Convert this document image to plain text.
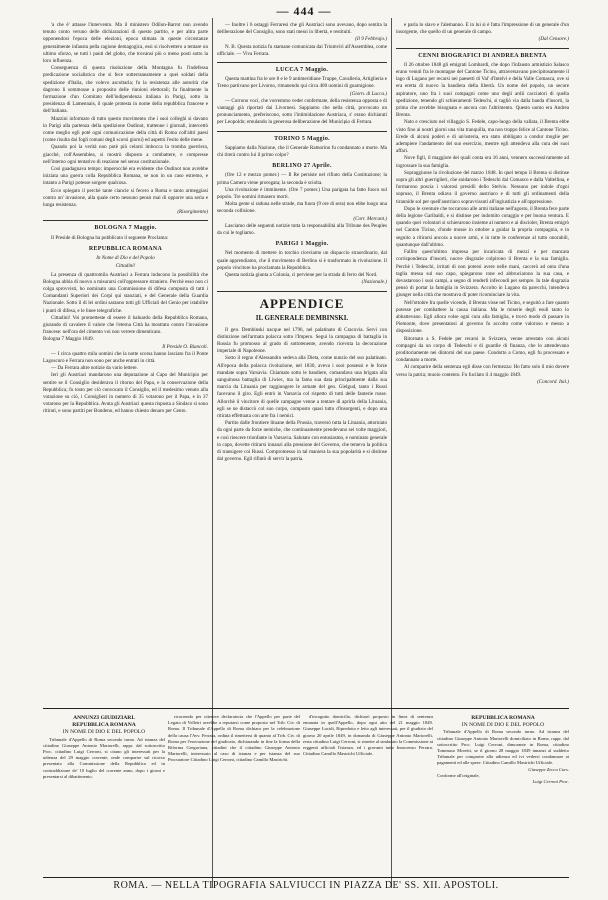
— 444 —

'a che è' attasse l'intervento. Ma il ministero Odilon-Barrot non avendo tenuto conto veruno delle dichiarazioni di questo partito, e per altra parte opponendosi l'epoca delle elezioni, epoca stimata in queste circostanze generalmente infausta pella ragione demagogica, essi si risolvettero a tentare un ultimo sforzo, se tutti i pauti del globo, che trovansi più o meno posti sotto la loro influenza.

Conseguenza di questa risoluzione della Montagna fu l'indefessa predicazione socialistica che si fece sotterraneamente a quei soldati della spedizione d'Italia, che volevo ascoltarla; fu la resistenza alle autorità che dagrono li sommosse a proposito delle riunioni elettorali; fu finalmente la formazione d'un Comitato dell'indipendenza italiana in Parigi, sotto la presidenza di Lamennais, il quale protesta in nome della repubblica francese e dell'italiana.

Mazzini informato di tutto questo movimento che i suoi colleghi si davano in Parigi alla partenza della spedizione Oudinot, trattenne i giornali, intercettò come meglio egli potè ogni comunicazione della città di Roma coll'altri paesi (come risulta dai fogli romani degli scorsi giorni) ed aspettò l'esito delle mene.

Quando poi la verità non potè più celarsi imbocca la tromba guerriera, giacchè, coll'Assemblea, si mostrò disposto a combattere, e compresse nell'interno ogni tentativo di reazione nel senso costituzionale.

Così guadagnava tempo: imperocchè era evidente che Oudinot non avrebbe iniziata una guerra colla Repubblica Romana, se non in un caso estremo, e intanto a Parigi potesse sorgere qualcosa.

Ecco spiegato il perchè tante ciancie si fecero a Roma e tanto armeggiasi contro un' invasione, alla quale certo nessuno pensò mai di opporre una seria e lunga resistenza.

(Risorgimento)
BOLOGNA 7 Maggio.

Il Preside di Bologna ha pubblicato il seguente Proclama:

REPUBBLICA ROMANA
In Nome di Dio e del Popolo
Cittadini!

La presenza di quattromila Austriaci a Ferrara inducono la possibilità che Bologna abbia di nuovo a misurarsi coll'oppressore straniero. Perchè esso non ci colga sprovvisti, ho nominato una Commissione di difesa composta di tutti i Comandanti Superiori dei Corpi qui stanziati, e del Generale della Guardia Nazionale. Sotto il di lei ordini saranno tutti gli Ufficiali del Genio per istabilire i punti di difesa, e le linee telegrafiche.

Cittadini! Voi prometteste di essere il baluardo della Repubblica Romana, giurando di cavalere il valore che l'eterna Città ha mostrato contro l'invasione francese: nell'ora del cimento voi non verrete dimenticato.

Bologna 7 Maggio 1849.
Il Preside O. Biancoli.

— I circa quattro mila uomini che la notte scorsa hanno lasciato fra il Ponte Lagoscuro e Ferrara non sono per anche entrati in città.

— Da Ferrara altre notizie da vario lettere.

Ieri gli Austriaci mandarono una deputazione al Capo del Municipio per sentire se il Consiglio desiderava il ritorno del Papa, e la conservazione della Repubblica; fu tosto per ciò convocato il Consiglio, ed il medesimo venuto alla votazione su ciò, i Consiglieri in numero di 35 votarono per il Papa, e in 37 votarono per la Repubblica. Avuta gli Austriaci questa risposta a Sindaco si sono ritirati, e sono partiti per Bondeno, ed hanno chiesto denaro per Cento.

— Inoltre i 6 ostaggi Ferraresi che gli Austriaci sono avevano, dopo sentita la deliberazione del Consiglio, sono stati messi in libertà, e restituiti.

(Il 9 Febbrajo.)

N. B. Questa notizia fu stamane comunicata dai Triumviri all'Assemblea, come ufficiale. — Viva Ferrara.

LUCCA 7 Maggio.

Questa mattina fra le ore 8 e le 9 antimeridiane Truppe, Cavalleria, Artiglieria e Treno partivano per Livorno, rimanendo qui circa 400 uomini di guarnigione.

(Giorn. di Lucca.)

— Corrono voci, che vorremmo veder confermate, della resistenza opposta e di vantaggi già riportati dai Livornesi. Sappiamo che nella città, provocato un pronunciamento, preferiscono, sotto l'intimidazione Austriaca, s' erano dichiarati per Leopoldo; emulando la generosa deliberazione del Municipio di Ferrara.

TORINO 5 Maggio.

Sappiamo dalla Nazione, che il Generale Ramorino fu condannato a morte. Ma chi tirerà contro lui il primo colpo?

BERLINO 27 Aprile.

(Ore 12 e mezzo pomer.) — Il Re persiste nel rifiuto della Costituzione; la prima Camera viene prorogata; la seconda è sciolta.

Una rivoluzione è imminente. (Ore 7 pomer.) Una parigata ha fatto fuoco sul popolo. Tre uomini rimasero morti.

Molta gente si raduna nelle strade, ma fuora (9 ore di sera) non ebbe luogo una seconda collisione.

(Corr. Mercant.)

Lasciamo delle seguenti notizie tutta la responsabilità alla Tribune des Peuples da cui le togliamo.

PARIGI 1 Maggio.

Nel momento di mettere in torchio riceviamo un dispaccio straordinario, dal quale apprendiamo, che il movimento di Berlino si è trasformato in rivoluzione. Il popolo vincitore ha proclamata la Repubblica.

Questa notizia giunta a Colonia, ci perviene per la strada di ferro del Nord.

(Nazionale.)
APPENDICE
IL GENERALE DEMBINSKI.

Il gen. Dembinski nacque nel 1796, nel palatinato di Cracovia. Servì con distinzione nell'armata polacca sotto l'Impero. Segui la campagna di battaglia in Russia fu promosso al grado di sottotenente, avendo ricevuta la decorazione imperiale di Napoleone.

Sotto il regno d'Alessandro sedeva alla Dieta, come nunzio del suo palatinato. All'epoca della polacca rivoluzione, nel 1830, aveva i suoi possessi e le forze mandate sopra Varsavia. Chiamato sotto le bandiere, comandava una brigata alla sanguinosa battaglia di Liwiec, ma la fama sua data principalmente dalla sua marcia da Lituania per raggiungere le armate del gen. Gielgud, tanto i Russi facevano il giro. Egli entrò in Varsavia col rispetto di tutti delle fanterie russe. Allorchè il vincitore di quelle campagne venne a tentare di aprirla della Lituania, egli se ne distaccò col suo corpo, composto quasi tutto d'insorgenti, e dopo una ritirata effettuata con arte fra i nemici.

Partito dalle frontiere lituane della Prussia, traversò tutta la Lituania, attorniato da ogni parte da forze nemiche, che continuamente prendevano sei volte maggiori, e così riescere trionfante in Varsavia. Salutato con entusiasmo, e nominato generale in capo, dovette ritirarsi innanzi alla pressione del Governo, che temeva la politica di transigere coi Russi. Compromesso in tal maniera la sua popolarità e si distinse dal governo. Egli rifiutò di servir la patria.

e parla lo slavo e l'alemanno. È in lui si è fatta l'impressione di un generale d'un insorgente, che quello di un generale di campo.

(Dal Censore.)
CENNI BIOGRAFICI DI ANDREA BRENTA

Il 26 ottobre 1848 gli emigrati Lombardi, che dopo l'infausto armistizio Salasco erano venuti fra le montagne del Cantone Ticino, attraversavano precipitosamente il lago di Lugano per recarsi nei paesetti di Val' d'Intelvi e della Valle Comasca, ove si era eretta di nuovo la bandiera della libertà. Un nome del popolo, un secure aspiratore, uno fra i suoi compagni come uno degli ardii cacciatori di quella spedizione, tenendo gli schieramenti Tedeschi, si tagliò via dalla banda d'insorti, la prima che avrebbe bisognata e ancora con l'altrimento. Questo uomo era Andrea Brenta.

Nato e cresciuto nel villaggio S. Fedele, capo-luogo della vallata, il Brenta ebbe visto fino ai nostri giorni una vita tranquilla, ma non troppo felice al Cantone Ticino. Erede di alcuni poderi e di un'osteria, era stato obbligato a condur moglie per adempiere l'andamento del suo esercizio, mentre egli attendeva alla cura dei suoi affari.

Nove figli, il maggiore dei quali conta ora 16 anni, vennero successivamente ad ingrossare la sua famiglia.

Sopraggiunse la rivoluzione del marzo 1848. In quel tempo il Brenta si distinse sopra gli altri guerriglieri, che snidarono i Tedeschi dal Comasco e dalla Valtellina, e formarono poscia i valorosi presidii dello Stelvio. Nessuno per indole d'ogni sopruso, il Brenta odiava il governo austriaco e di tutti gli ordinamenti della tirannide sol per quell'austriaco sopravvissuti all'ingiustizia e all'oppressione.

Dopo le sventure che toccarono alle armi italiane nell'agosto, il Brenta fece parte della legione Garibaldi, e si distinse per indomito coraggio e per buona ventura. E quando quei volontari si schierarono insieme al numero e ai discioler, Brenta emigrò nel Canton Ticino, d'onde mosse in ottobre a guidar la propria compagnia, e in seguito a ritirarsi ancora a nuove armi, e in tutte le conferenze al tutto onorabili, quantunque dall'ultimo.

Fallito quest'ultimo impresa per incaricata di mezzi e per mancata corrispondenza d'insorti, nuove disgrazie colpirono il Brenta e la sua famiglia. Perchè i Tedeschi, irritati di non potersi avere nelle mani, caccerò ad onta d'una taglia messa sul suo capo, spiegarono rone ed abbruciarono la sua casa, e devastarono i suoi campi, a segno di renderli infecondi per sempre. In tale disgrazia pensò di portar la famiglia in Svizzera. Accolto in Lugano da parecchi, intendeva giunger nella città che mostrava di poter ricominciare la vita.

Nell'ottobre fra quelle vicende, il Brenta visse nel Ticino, e seguitò a fare quanto potesse per combattere la causa italiana. Ma le miserie degli esuli tanto lo abbattevano. Egli allora volse ogni cura alla famiglia, e trovò modo di passare in Piemonte, dove presentatosi al governo fu accolto come valoroso e messo a disposizione.

Ritornato a S. Fedele per recarsi in Svizzera, venne arrestato con alcuni compagni da un corpo di Tedeschi e di guardie di finanza, che lo attendevano proditoriamente nei dintorni del suo paese. Condotto a Como, egli fu processato e condannato a morte.

Al comparire della sentenza egli disse con fermezza: Ho fatto solo il mio dovere verso la patria; muoio contento. Fu fucilato il 4 maggio 1849.

(Concord. Ital.)
ANNUNZI GIUDIZIARI.
REPUBBLICA ROMANA
IN NOME DI DIO E DEL POPOLO

Tribunale d'Appello di Roma secondo turno. Ad istanza del cittadino Giuseppe Antonio Martorelli, rappr. dal sottoscritto Proc. cittadino Luigi Cerroni, si citano gli interessati per la udienza del 29 maggio corrente, onde comparire sul ricorso presentato alla Commissione della Repubblica ed in contraddizione de' 10 luglio del corrente anno, dopo i giorni e presentarsi al dibattimento.

ricorrendo per ottenere declaratoria che l'Appello per parte del Legato di Velletri avrebbe a reputarsi come proposto nel Trib. Civ. di Roma. Il Tribunale d'Appello di Roma dichiara per la celebrazione della causa l'Avv. Ferrara, ordina il rimettersi di quanto al Trib. Civ. di Roma per l'esecuzione del giudicato, dichiarando in fine la forma della Riforma Gregoriana, cittadini che il cittadino Giuseppe Antonio Martorelli, interessato al caso di istanza e per istanza del suo Procuratore Cittadino Luigi Cerroni, cittadino Camillo Mastrichi.

d'incognito domicilio, dichiarò proposto in linea di sentenza emanata in quell'Appello, dopo ogni atto del 21 maggio 1849. Giuseppe Lucidi, Ripredotto e letto agli interessati, per il giudizio del giorno 20 aprile 1849, in domanda di Giuseppe Antonio Martorelli, resta cittadino Luigi Cerroni, si rimette al sindacato la Commissione ai reggenti ufficiali l'istanza, ed i gravami tutto Innocenzo Ferrara. Cittadino Camillo Mastrichi Ufficiale.

REPUBBLICA ROMANA
IN NOME DI DIO E DEL POPOLO

Tribunale d'Appello di Roma secondo turno. Ad istanza del cittadino Giuseppe Antonio Martorelli domiciliato in Roma, rappr. dal sottoscritto Proc. Luigi Cerroni, dimorante in Roma, cittadino Tommaso Moretti, se il giorno 28 maggio 1849 innanzi al suddetto Tribunale per comparire alla udienza ed ivi vedersi condannare ai pagamenti ed alle spese. Cittadino Camillo Mastrichi Ufficiale.

Giuseppe Zecca Curs.
Conforme all'originale,
Luigi Cerroni Proc.
ROMA. — NELLA TIPOGRAFIA SALVIUCCI IN PIAZZA DE' SS. XII. APOSTOLI.
